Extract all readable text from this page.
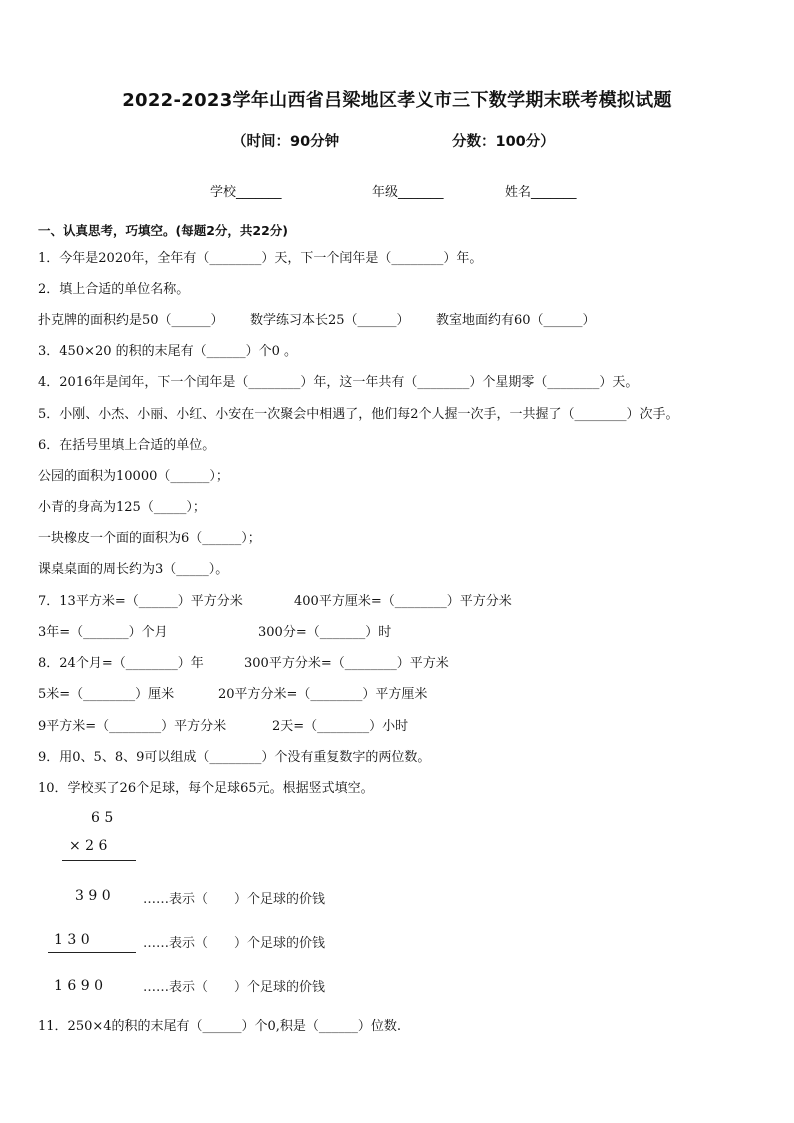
2022-2023学年山西省吕梁地区孝义市三下数学期末联考模拟试题
（时间：90分钟	分数：100分）
学校_______	年级_______	姓名_______
一、认真思考，巧填空。(每题2分，共22分)
1．今年是2020年，全年有（________）天，下一个闰年是（________）年。
2．填上合适的单位名称。
扑克牌的面积约是50（______） 数学练习本长25（______） 教室地面约有60（______）
3．450×20 的积的末尾有（______）个0 。
4．2016年是闰年，下一个闰年是（________）年，这一年共有（________）个星期零（________）天。
5．小刚、小杰、小丽、小红、小安在一次聚会中相遇了，他们每2个人握一次手，一共握了（________）次手。
6．在括号里填上合适的单位。
公园的面积为10000（______）；
小青的身高为125（_____）；
一块橡皮一个面的面积为6（______）；
课桌桌面的周长约为3（_____）。
7．13平方米=（______）平方分米	400平方厘米=（________）平方分米
3年=（_______）个月	300分=（_______）时
8．24个月=（________）年	300平方分米=（________）平方米
5米=（________）厘米	20平方分米=（________）平方厘米
9平方米=（________）平方分米	2天=（________）小时
9．用0、5、8、9可以组成（________）个没有重复数字的两位数。
10．学校买了26个足球，每个足球65元。根据竖式填空。
6 5
× 2 6
3 9 0 ……表示（　　）个足球的价钱
1 3 0	……表示（　　）个足球的价钱
1 6 9 0	……表示（　　）个足球的价钱
11．250×4的积的末尾有（______）个0,积是（______）位数.
